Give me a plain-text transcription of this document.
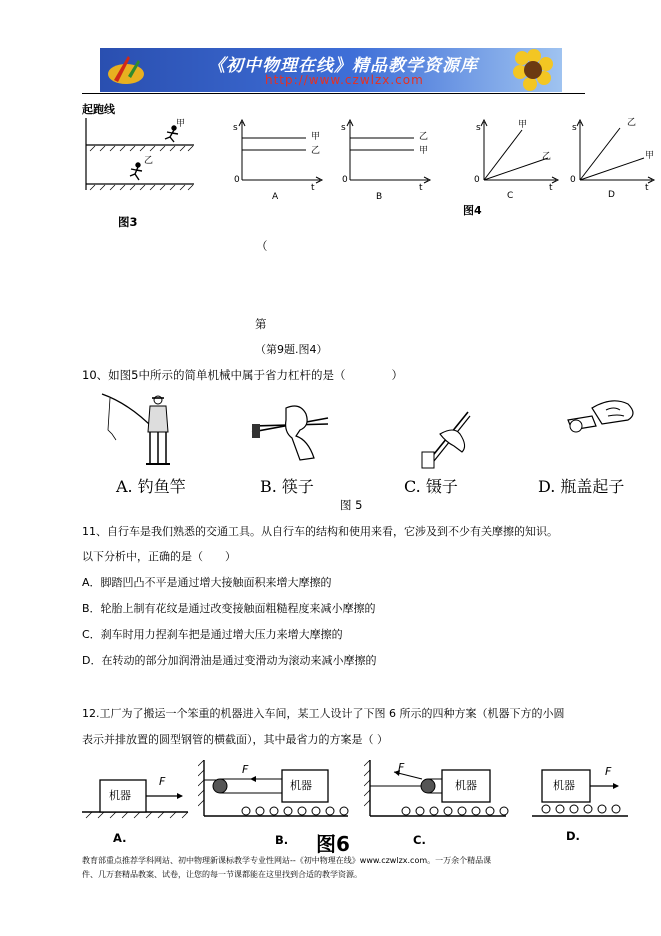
《初中物理在线》精品教学资源库
http://www.czwlzx.com
起跑线
甲
乙
图3
s
0
t
甲
乙
A
s
0
t
乙
甲
B
s
0
t
甲
乙
C
s
0
t
乙
甲
D
图4
（
第
（第9题.图4）
10、如图5中所示的简单机械中属于省力杠杆的是（　　　　）
A. 钓鱼竿	B. 筷子	C. 镊子	D. 瓶盖起子
图 5
11、自行车是我们熟悉的交通工具。从自行车的结构和使用来看，它涉及到不少有关摩擦的知识。
以下分析中，正确的是（　　）
A．脚踏凹凸不平是通过增大接触面积来增大摩擦的
B．轮胎上制有花纹是通过改变接触面粗糙程度来减小摩擦的
C．刹车时用力捏刹车把是通过增大压力来增大摩擦的
D．在转动的部分加润滑油是通过变滑动为滚动来减小摩擦的
12.工厂为了搬运一个笨重的机器进入车间，某工人设计了下图 6 所示的四种方案（机器下方的小圆
表示并排放置的圆型钢管的横截面），其中最省力的方案是（ ）
机器
F	机器
F
机器
F
机器
F
A.	B. 图6	C.	D.
教育部重点推荐学科网站、初中物理新课标教学专业性网站--《初中物理在线》www.czwlzx.com。一万余个精品课
件、几万套精品教案、试卷，让您的每一节课都能在这里找到合适的教学资源。
